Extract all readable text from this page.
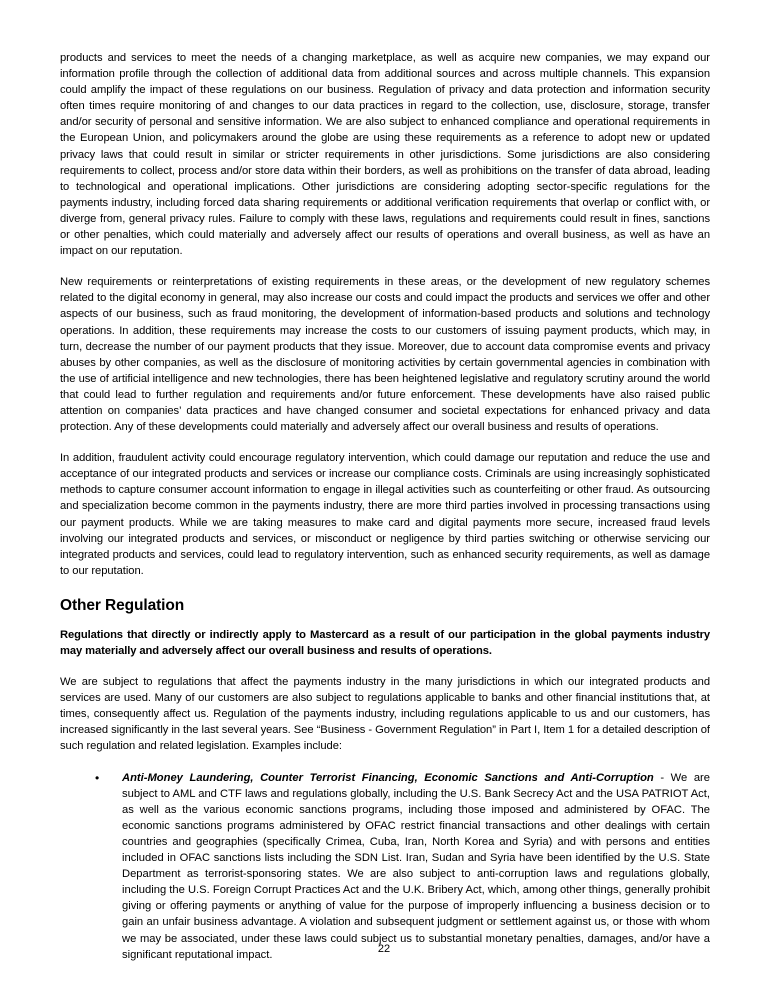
products and services to meet the needs of a changing marketplace, as well as acquire new companies, we may expand our information profile through the collection of additional data from additional sources and across multiple channels. This expansion could amplify the impact of these regulations on our business. Regulation of privacy and data protection and information security often times require monitoring of and changes to our data practices in regard to the collection, use, disclosure, storage, transfer and/or security of personal and sensitive information. We are also subject to enhanced compliance and operational requirements in the European Union, and policymakers around the globe are using these requirements as a reference to adopt new or updated privacy laws that could result in similar or stricter requirements in other jurisdictions. Some jurisdictions are also considering requirements to collect, process and/or store data within their borders, as well as prohibitions on the transfer of data abroad, leading to technological and operational implications. Other jurisdictions are considering adopting sector-specific regulations for the payments industry, including forced data sharing requirements or additional verification requirements that overlap or conflict with, or diverge from, general privacy rules. Failure to comply with these laws, regulations and requirements could result in fines, sanctions or other penalties, which could materially and adversely affect our results of operations and overall business, as well as have an impact on our reputation.

New requirements or reinterpretations of existing requirements in these areas, or the development of new regulatory schemes related to the digital economy in general, may also increase our costs and could impact the products and services we offer and other aspects of our business, such as fraud monitoring, the development of information-based products and solutions and technology operations. In addition, these requirements may increase the costs to our customers of issuing payment products, which may, in turn, decrease the number of our payment products that they issue. Moreover, due to account data compromise events and privacy abuses by other companies, as well as the disclosure of monitoring activities by certain governmental agencies in combination with the use of artificial intelligence and new technologies, there has been heightened legislative and regulatory scrutiny around the world that could lead to further regulation and requirements and/or future enforcement. These developments have also raised public attention on companies’ data practices and have changed consumer and societal expectations for enhanced privacy and data protection. Any of these developments could materially and adversely affect our overall business and results of operations.

In addition, fraudulent activity could encourage regulatory intervention, which could damage our reputation and reduce the use and acceptance of our integrated products and services or increase our compliance costs. Criminals are using increasingly sophisticated methods to capture consumer account information to engage in illegal activities such as counterfeiting or other fraud. As outsourcing and specialization become common in the payments industry, there are more third parties involved in processing transactions using our payment products. While we are taking measures to make card and digital payments more secure, increased fraud levels involving our integrated products and services, or misconduct or negligence by third parties switching or otherwise servicing our integrated products and services, could lead to regulatory intervention, such as enhanced security requirements, as well as damage to our reputation.

Other Regulation

Regulations that directly or indirectly apply to Mastercard as a result of our participation in the global payments industry may materially and adversely affect our overall business and results of operations.

We are subject to regulations that affect the payments industry in the many jurisdictions in which our integrated products and services are used. Many of our customers are also subject to regulations applicable to banks and other financial institutions that, at times, consequently affect us. Regulation of the payments industry, including regulations applicable to us and our customers, has increased significantly in the last several years. See “Business - Government Regulation” in Part I, Item 1 for a detailed description of such regulation and related legislation. Examples include:

• Anti-Money Laundering, Counter Terrorist Financing, Economic Sanctions and Anti-Corruption - We are subject to AML and CTF laws and regulations globally, including the U.S. Bank Secrecy Act and the USA PATRIOT Act, as well as the various economic sanctions programs, including those imposed and administered by OFAC. The economic sanctions programs administered by OFAC restrict financial transactions and other dealings with certain countries and geographies (specifically Crimea, Cuba, Iran, North Korea and Syria) and with persons and entities included in OFAC sanctions lists including the SDN List. Iran, Sudan and Syria have been identified by the U.S. State Department as terrorist-sponsoring states. We are also subject to anti-corruption laws and regulations globally, including the U.S. Foreign Corrupt Practices Act and the U.K. Bribery Act, which, among other things, generally prohibit giving or offering payments or anything of value for the purpose of improperly influencing a business decision or to gain an unfair business advantage. A violation and subsequent judgment or settlement against us, or those with whom we may be associated, under these laws could subject us to substantial monetary penalties, damages, and/or have a significant reputational impact.	22
